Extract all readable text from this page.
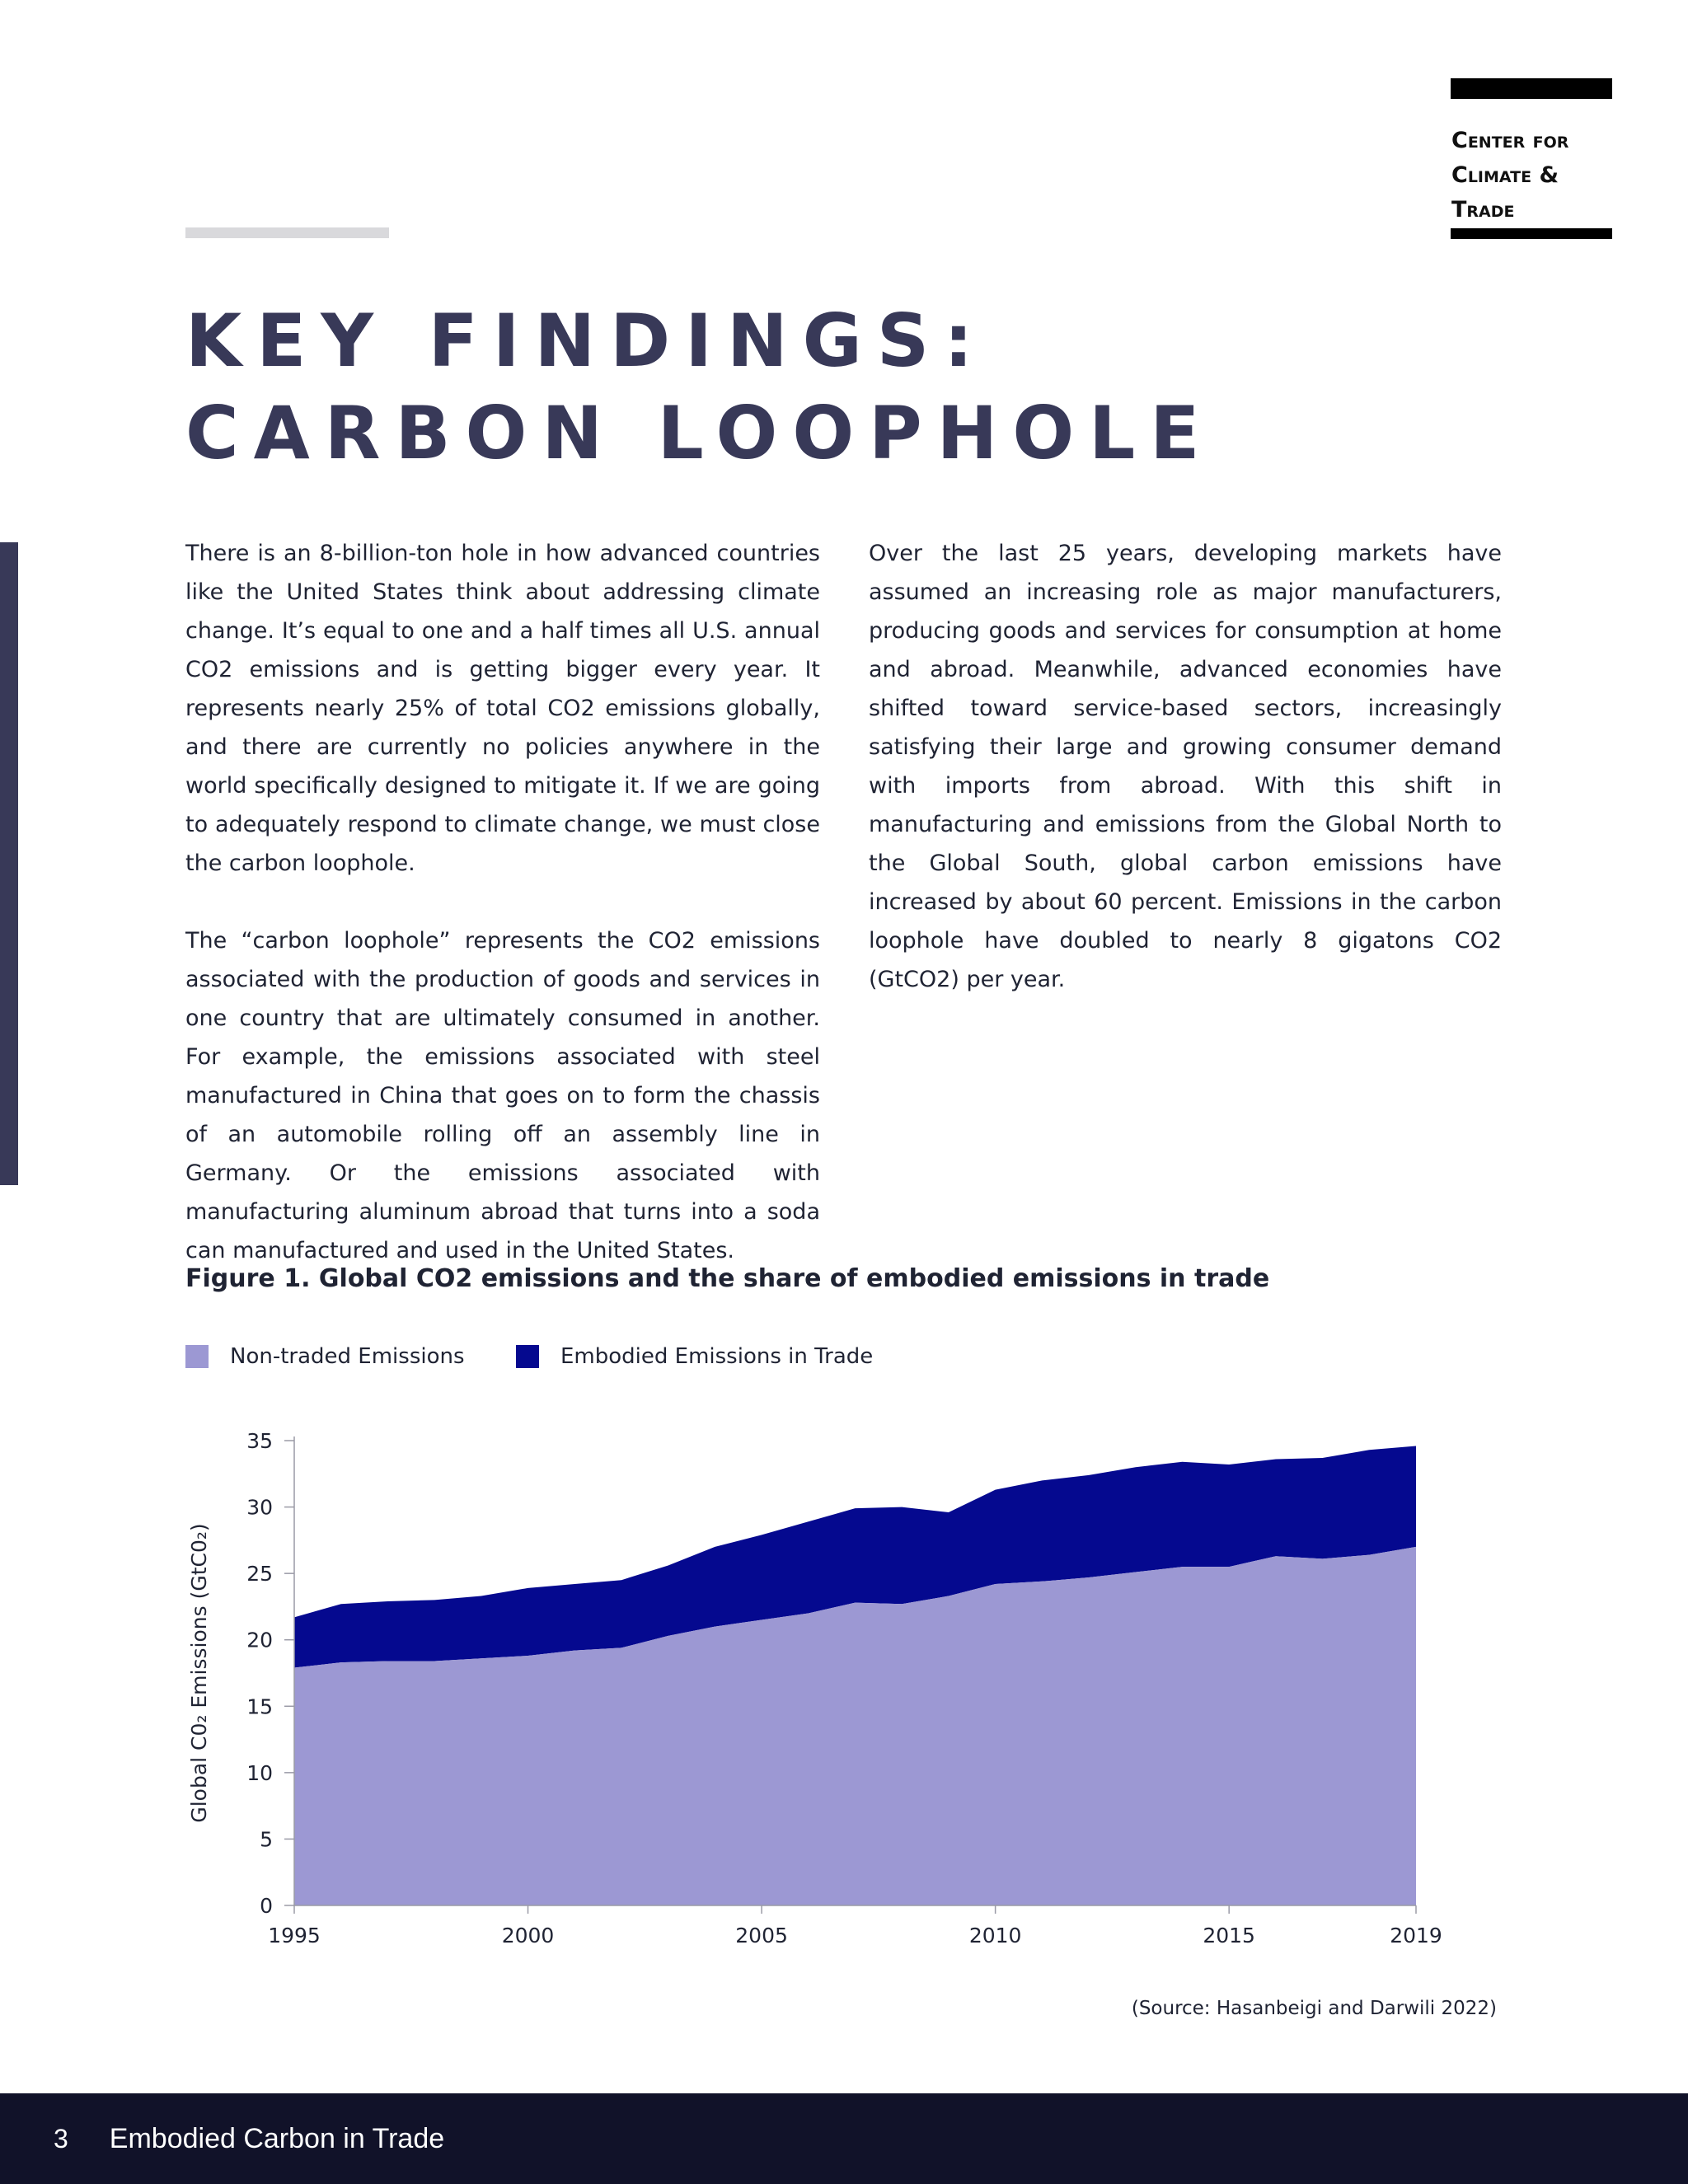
Center for
Climate &
Trade
KEY FINDINGS:
CARBON LOOPHOLE

There is an 8-billion-ton hole in how advanced countries like the United States think about addressing climate change. It’s equal to one and a half times all U.S. annual CO2 emissions and is getting bigger every year. It represents nearly 25% of total CO2 emissions globally, and there are currently no policies anywhere in the world specifically designed to mitigate it. If we are going to adequately respond to climate change, we must close the carbon loophole.

The “carbon loophole” represents the CO2 emissions associated with the production of goods and services in one country that are ultimately consumed in another. For example, the emissions associated with steel manufactured in China that goes on to form the chassis of an automobile rolling off an assembly line in Germany. Or the emissions associated with manufacturing aluminum abroad that turns into a soda can manufactured and used in the United States.

Over the last 25 years, developing markets have assumed an increasing role as major manufacturers, producing goods and services for consumption at home and abroad. Meanwhile, advanced economies have shifted toward service-based sectors, increasingly satisfying their large and growing consumer demand with imports from abroad. With this shift in manufacturing and emissions from the Global North to the Global South, global carbon emissions have increased by about 60 percent. Emissions in the carbon loophole have doubled to nearly 8 gigatons CO2 (GtCO2) per year.

Figure 1. Global CO2 emissions and the share of embodied emissions in trade
Non-traded Emissions	Embodied Emissions in Trade
0
5
10
15
20
25
30
35
1995	2000	2005	2010	2015	2019
Global C0₂ Emissions (GtC0₂)
(Source: Hasanbeigi and Darwili 2022)
3 Embodied Carbon in Trade
